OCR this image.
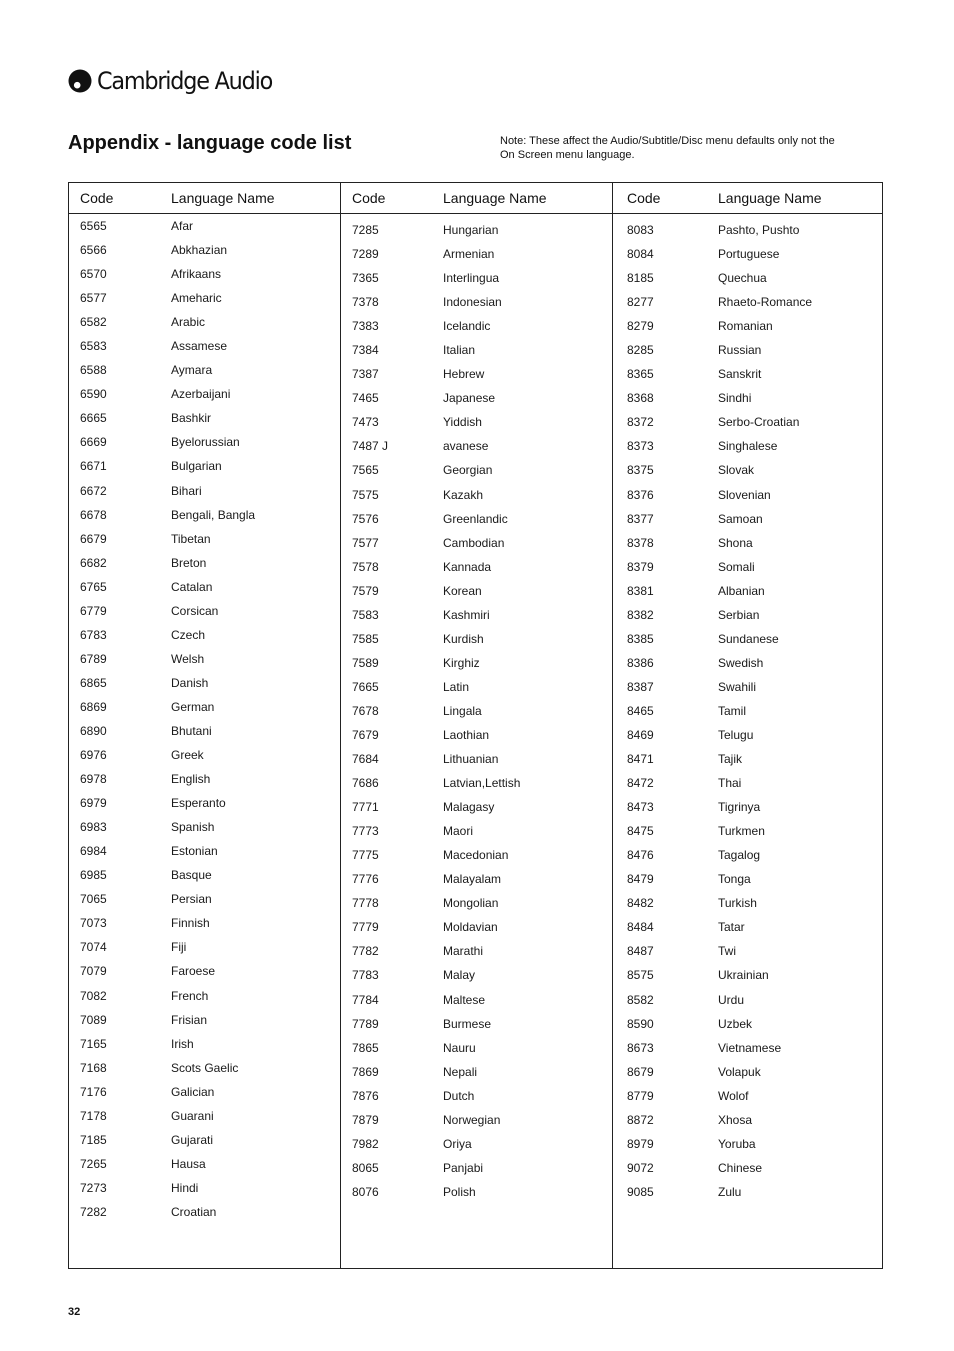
Cambridge Audio
Appendix - language code list	Note: These affect the Audio/Subtitle/Disc menu defaults only not the
On Screen menu language.
Code	Language Name
6565	Afar
6566	Abkhazian
6570	Afrikaans
6577	Ameharic
6582	Arabic
6583	Assamese
6588	Aymara
6590	Azerbaijani
6665	Bashkir
6669	Byelorussian
6671	Bulgarian
6672	Bihari
6678	Bengali, Bangla
6679	Tibetan
6682	Breton
6765	Catalan
6779	Corsican
6783	Czech
6789	Welsh
6865	Danish
6869	German
6890	Bhutani
6976	Greek
6978	English
6979	Esperanto
6983	Spanish
6984	Estonian
6985	Basque
7065	Persian
7073	Finnish
7074	Fiji
7079	Faroese
7082	French
7089	Frisian
7165	Irish
7168	Scots Gaelic
7176	Galician
7178	Guarani
7185	Gujarati
7265	Hausa
7273	Hindi
7282	Croatian
Code	Language Name
7285	Hungarian
7289	Armenian
7365	Interlingua
7378	Indonesian
7383	Icelandic
7384	Italian
7387	Hebrew
7465	Japanese
7473	Yiddish
7487 J	avanese
7565	Georgian
7575	Kazakh
7576	Greenlandic
7577	Cambodian
7578	Kannada
7579	Korean
7583	Kashmiri
7585	Kurdish
7589	Kirghiz
7665	Latin
7678	Lingala
7679	Laothian
7684	Lithuanian
7686	Latvian,Lettish
7771	Malagasy
7773	Maori
7775	Macedonian
7776	Malayalam
7778	Mongolian
7779	Moldavian
7782	Marathi
7783	Malay
7784	Maltese
7789	Burmese
7865	Nauru
7869	Nepali
7876	Dutch
7879	Norwegian
7982	Oriya
8065	Panjabi
8076	Polish
Code	Language Name
8083	Pashto, Pushto
8084	Portuguese
8185	Quechua
8277	Rhaeto-Romance
8279	Romanian
8285	Russian
8365	Sanskrit
8368	Sindhi
8372	Serbo-Croatian
8373	Singhalese
8375	Slovak
8376	Slovenian
8377	Samoan
8378	Shona
8379	Somali
8381	Albanian
8382	Serbian
8385	Sundanese
8386	Swedish
8387	Swahili
8465	Tamil
8469	Telugu
8471	Tajik
8472	Thai
8473	Tigrinya
8475	Turkmen
8476	Tagalog
8479	Tonga
8482	Turkish
8484	Tatar
8487	Twi
8575	Ukrainian
8582	Urdu
8590	Uzbek
8673	Vietnamese
8679	Volapuk
8779	Wolof
8872	Xhosa
8979	Yoruba
9072	Chinese
9085	Zulu
32
